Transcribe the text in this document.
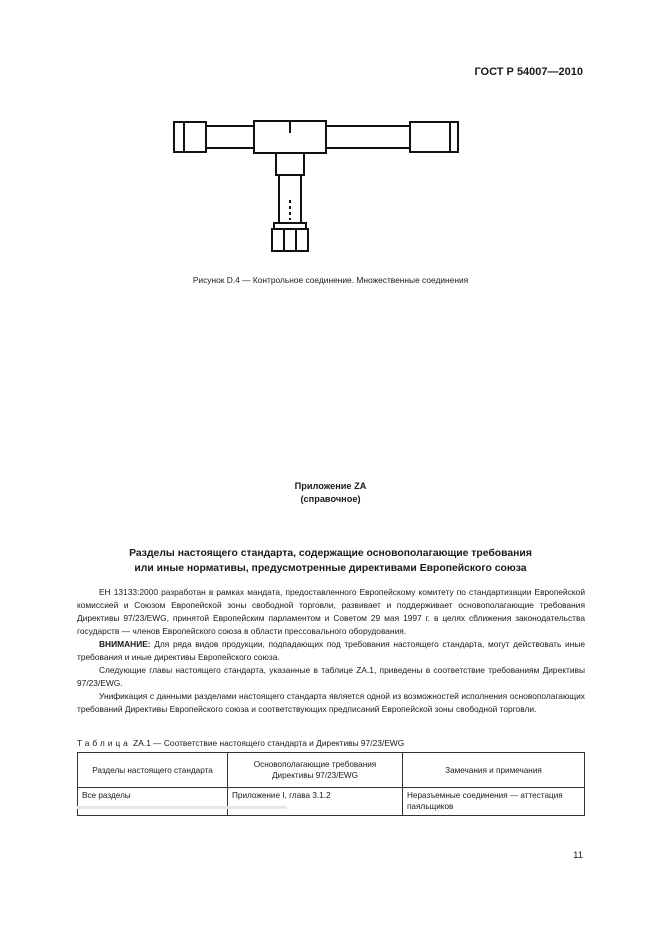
ГОСТ Р 54007—2010
Рисунок D.4 — Контрольное соединение. Множественные соединения
Приложение ZA
(справочное)
Разделы настоящего стандарта, содержащие основополагающие требования
или иные нормативы, предусмотренные директивами Европейского союза

ЕН 13133:2000 разработан в рамках мандата, предоставленного Европейскому комитету по стандартизации Европейской комиссией и Союзом Европейской зоны свободной торговли, развивает и поддерживает основополагающие требования Директивы 97/23/EWG, принятой Европейским парламентом и Советом 29 мая 1997 г. в целях сближения законодательства государств — членов Европейского союза в области прессовального оборудования.

ВНИМАНИЕ: Для ряда видов продукции, подпадающих под требования настоящего стандарта, могут действовать иные требования и иные директивы Европейского союза.

Следующие главы настоящего стандарта, указанные в таблице ZA.1, приведены в соответствие требованиям Директивы 97/23/EWG.

Унификация с данными разделами настоящего стандарта является одной из возможностей исполнения основополагающих требований Директивы Европейского союза и соответствующих предписаний Европейской зоны свободной торговли.

Таблица ZA.1 — Соответствие настоящего стандарта и Директивы 97/23/EWG
Разделы настоящего стандарта	Основополагающие требования Директивы 97/23/EWG	Замечания и примечания
Все разделы	Приложение I, глава 3.1.2	Неразъемные соединения — аттестация паяльщиков
11
